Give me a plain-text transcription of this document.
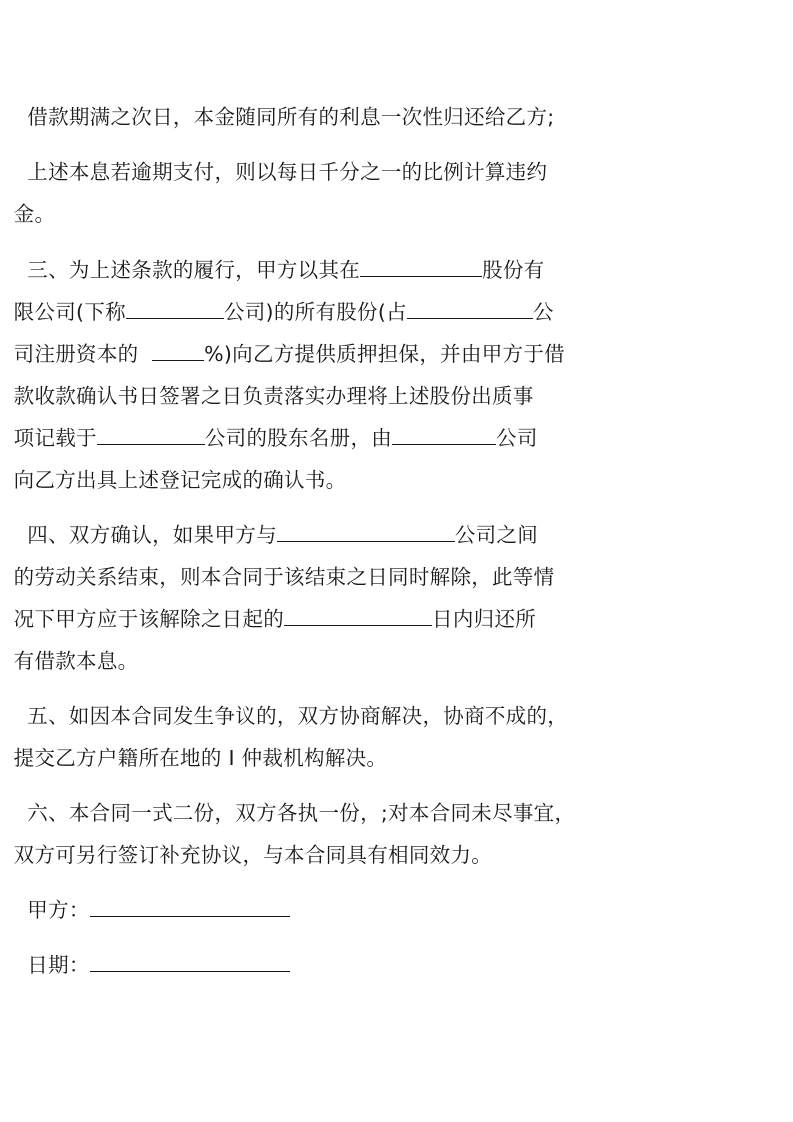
借款期满之次日，本金随同所有的利息一次性归还给乙方;

上述本息若逾期支付，则以每日千分之一的比例计算违约

金。

三、为上述条款的履行，甲方以其在	股份有

限公司(下称	公司)的所有股份(占	公

司注册资本的	%)向乙方提供质押担保，并由甲方于借

款收款确认书日签署之日负责落实办理将上述股份出质事

项记载于	公司的股东名册，由	公司

向乙方出具上述登记完成的确认书。

四、双方确认，如果甲方与	公司之间

的劳动关系结束，则本合同于该结束之日同时解除，此等情

况下甲方应于该解除之日起的	日内归还所

有借款本息。

五、如因本合同发生争议的，双方协商解决，协商不成的，

提交乙方户籍所在地的 I 仲裁机构解决。

六、本合同一式二份，双方各执一份，;对本合同未尽事宜，

双方可另行签订补充协议，与本合同具有相同效力。

甲方：

日期：
